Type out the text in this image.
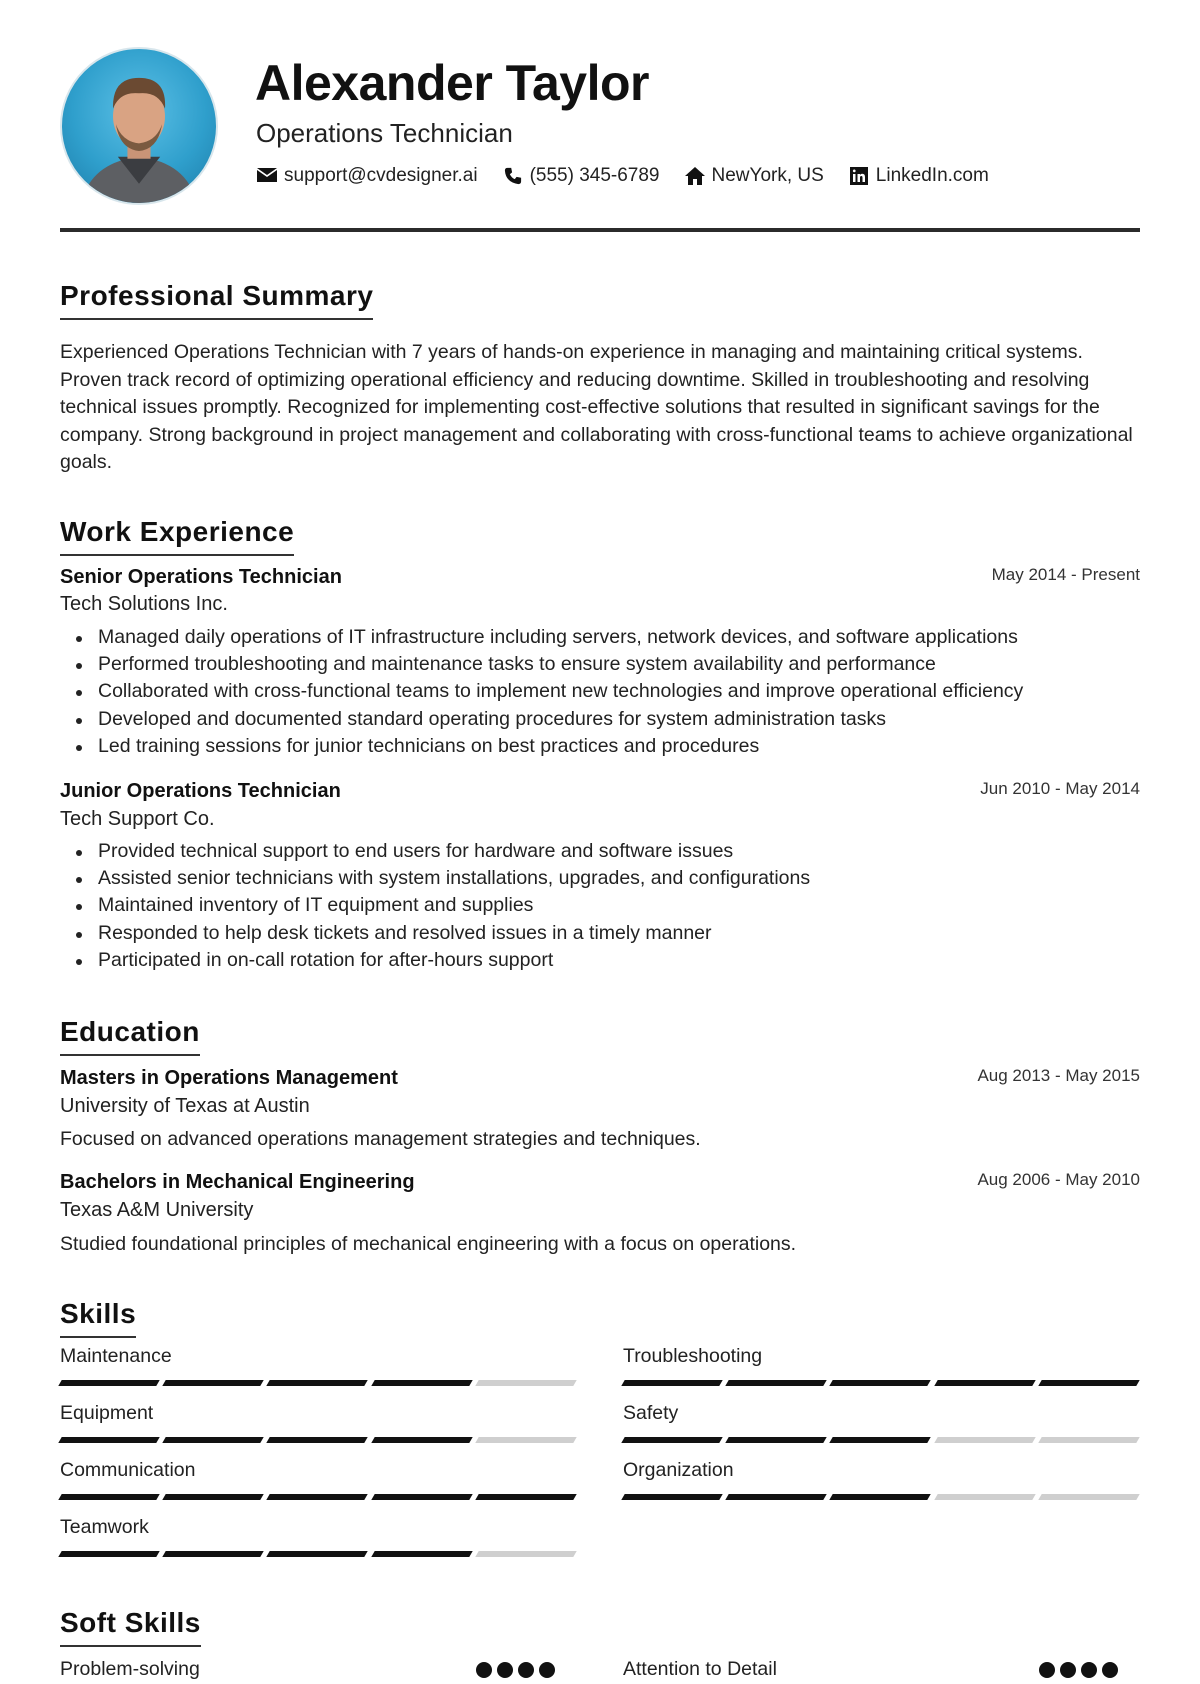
Alexander Taylor
Operations Technician
support@cvdesigner.ai	(555) 345-6789	NewYork, US	LinkedIn.com
Professional Summary

Experienced Operations Technician with 7 years of hands-on experience in managing and maintaining critical systems. Proven track record of optimizing operational efficiency and reducing downtime. Skilled in troubleshooting and resolving technical issues promptly. Recognized for implementing cost-effective solutions that resulted in significant savings for the company. Strong background in project management and collaborating with cross-functional teams to achieve organizational goals.

Work Experience
Senior Operations Technician	May 2014 - Present
Tech Solutions Inc.
Managed daily operations of IT infrastructure including servers, network devices, and software applications
Performed troubleshooting and maintenance tasks to ensure system availability and performance
Collaborated with cross-functional teams to implement new technologies and improve operational efficiency
Developed and documented standard operating procedures for system administration tasks
Led training sessions for junior technicians on best practices and procedures
Junior Operations Technician	Jun 2010 - May 2014
Tech Support Co.
Provided technical support to end users for hardware and software issues
Assisted senior technicians with system installations, upgrades, and configurations
Maintained inventory of IT equipment and supplies
Responded to help desk tickets and resolved issues in a timely manner
Participated in on-call rotation for after-hours support
Education
Masters in Operations Management	Aug 2013 - May 2015
University of Texas at Austin
Focused on advanced operations management strategies and techniques.
Bachelors in Mechanical Engineering	Aug 2006 - May 2010
Texas A&M University
Studied foundational principles of mechanical engineering with a focus on operations.
Skills
Maintenance	Troubleshooting
Equipment	Safety
Communication	Organization
Teamwork
Soft Skills
Problem-solving	Attention to Detail
